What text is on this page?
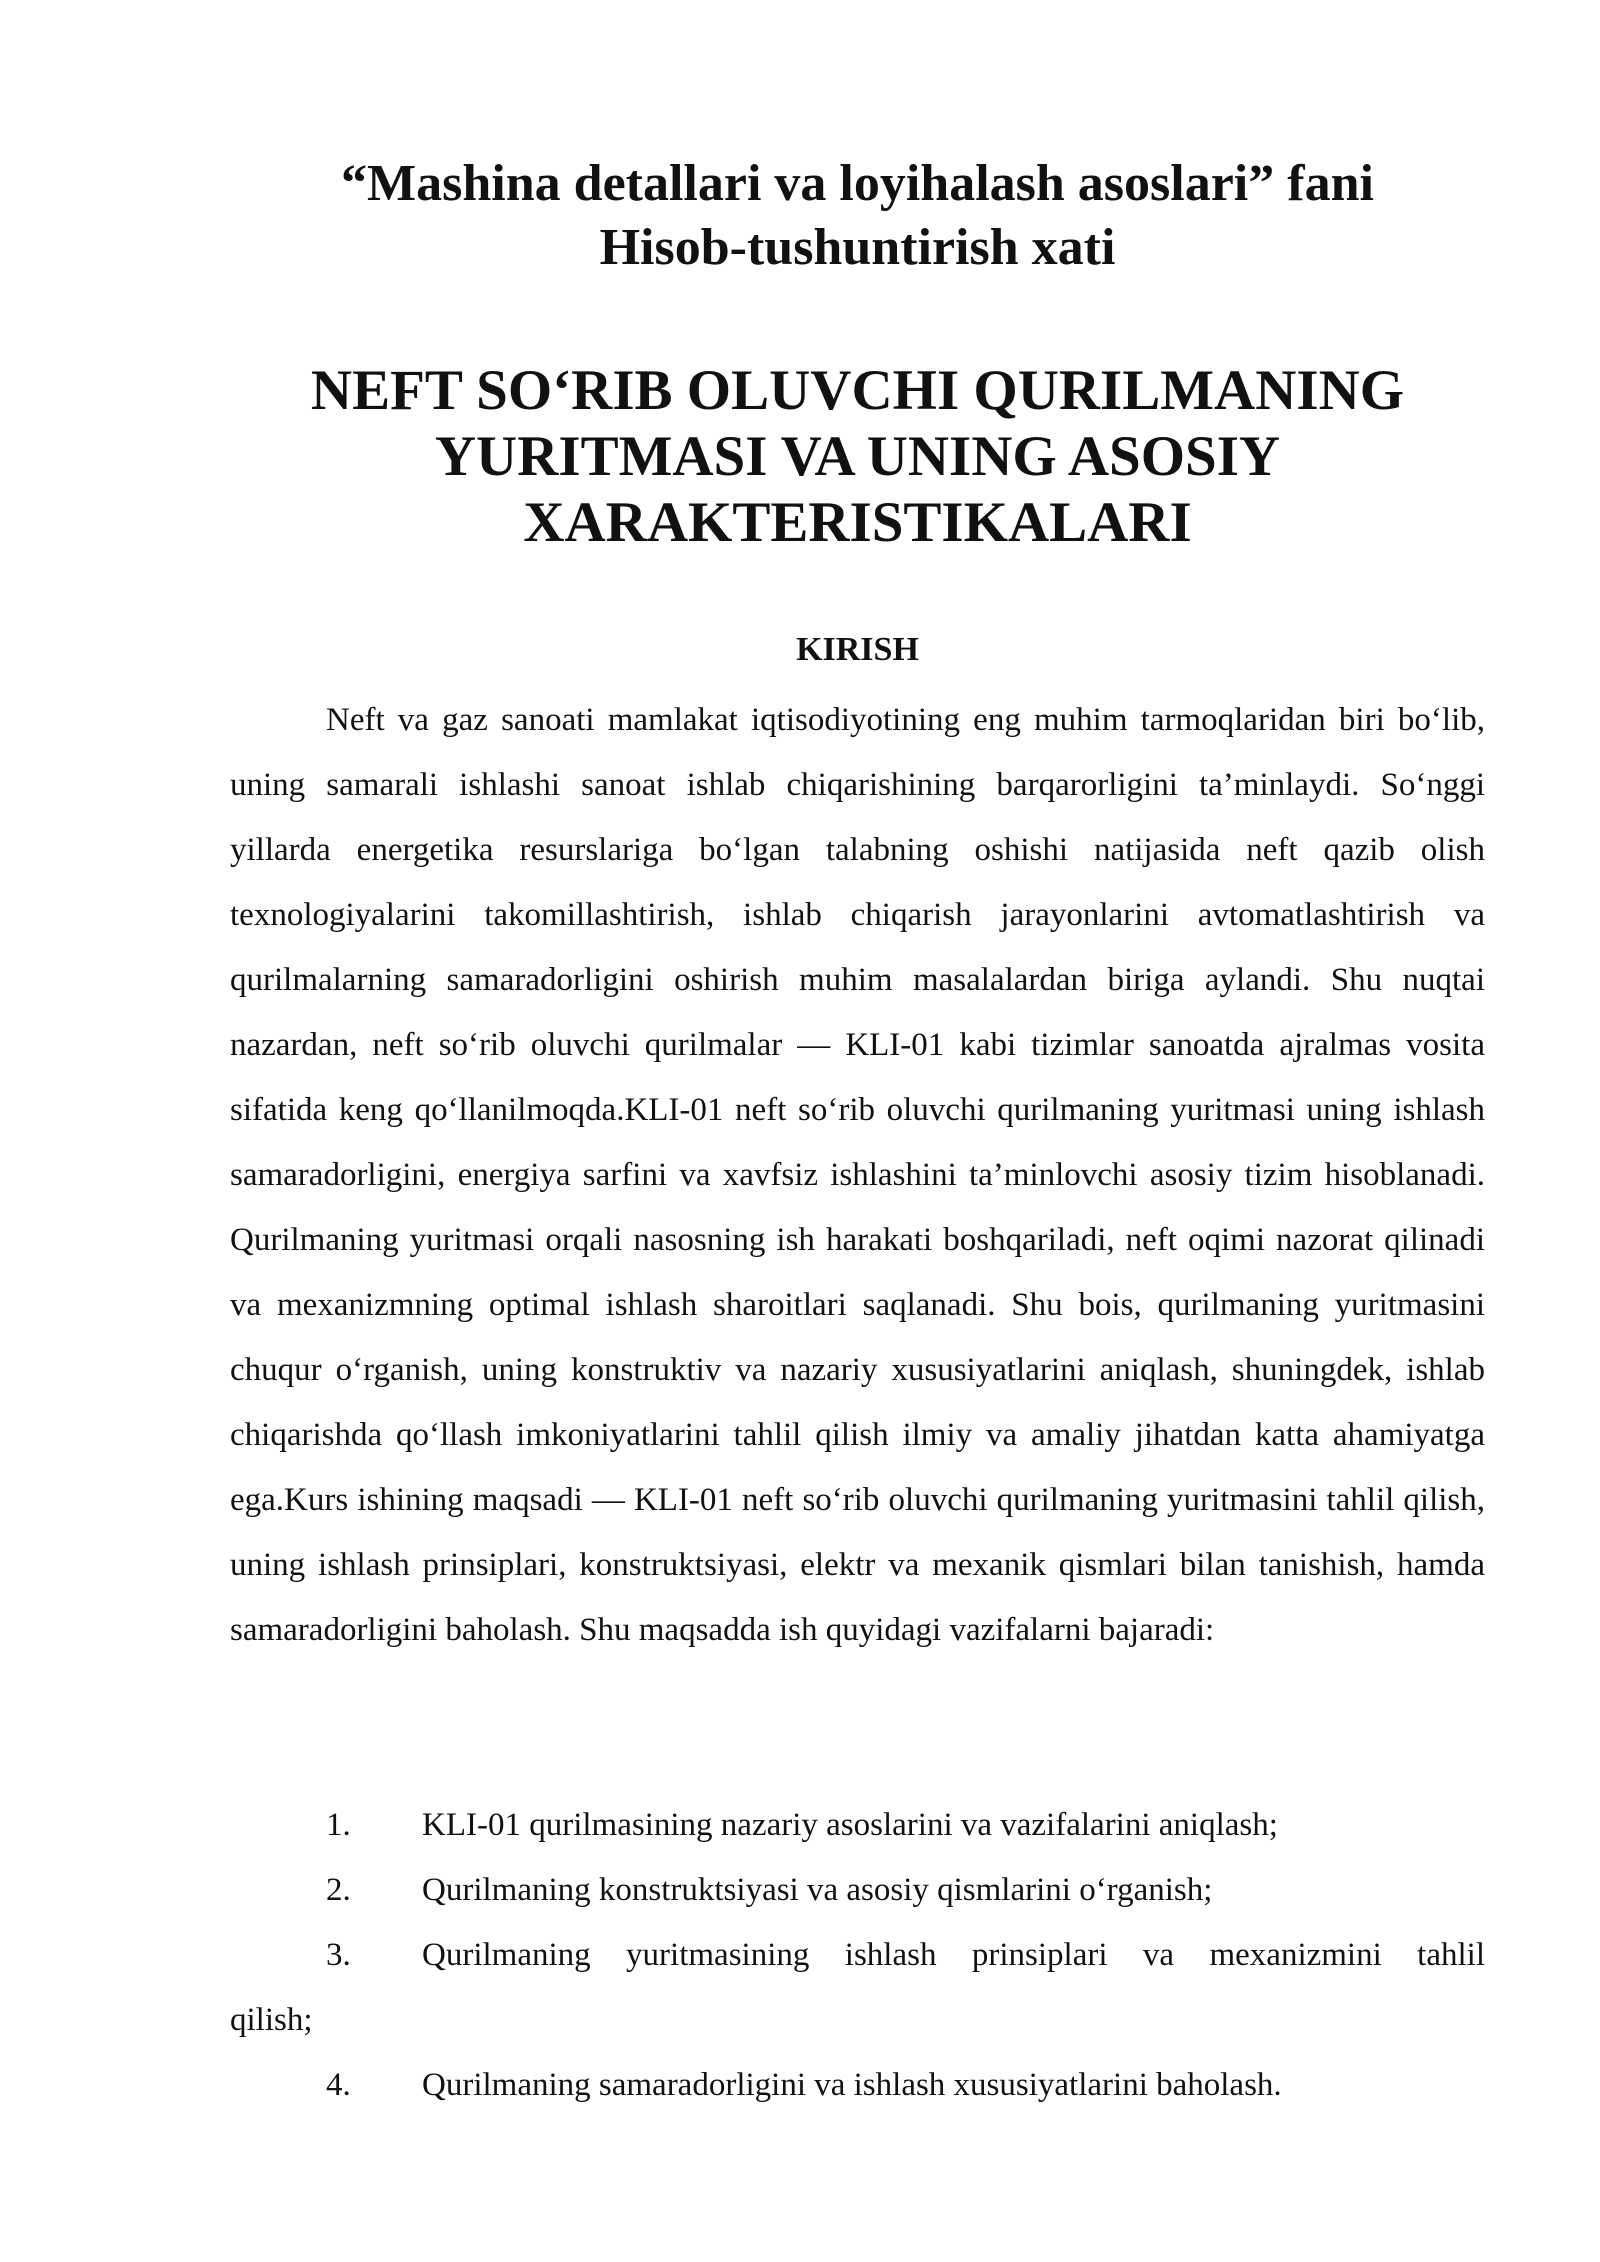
“Mashina detallari va loyihalash asoslari” fani
Hisob-tushuntirish xati
NEFT SO‘RIB OLUVCHI QURILMANING
YURITMASI VA UNING ASOSIY
XARAKTERISTIKALARI
KIRISH

Neft va gaz sanoati mamlakat iqtisodiyotining eng muhim tarmoqlaridan biri bo‘lib, uning samarali ishlashi sanoat ishlab chiqarishining barqarorligini ta’minlaydi. So‘nggi yillarda energetika resurslariga bo‘lgan talabning oshishi natijasida neft qazib olish texnologiyalarini takomillashtirish, ishlab chiqarish jarayonlarini avtomatlashtirish va qurilmalarning samaradorligini oshirish muhim masalalardan biriga aylandi. Shu nuqtai nazardan, neft so‘rib oluvchi qurilmalar — KLI-01 kabi tizimlar sanoatda ajralmas vosita sifatida keng qo‘llanilmoqda.KLI-01 neft so‘rib oluvchi qurilmaning yuritmasi uning ishlash samaradorligini, energiya sarfini va xavfsiz ishlashini ta’minlovchi asosiy tizim hisoblanadi. Qurilmaning yuritmasi orqali nasosning ish harakati boshqariladi, neft oqimi nazorat qilinadi va mexanizmning optimal ishlash sharoitlari saqlanadi. Shu bois, qurilmaning yuritmasini chuqur o‘rganish, uning konstruktiv va nazariy xususiyatlarini aniqlash, shuningdek, ishlab chiqarishda qo‘llash imkoniyatlarini tahlil qilish ilmiy va amaliy jihatdan katta ahamiyatga ega.Kurs ishining maqsadi — KLI-01 neft so‘rib oluvchi qurilmaning yuritmasini tahlil qilish, uning ishlash prinsiplari, konstruktsiyasi, elektr va mexanik qismlari bilan tanishish, hamda samaradorligini baholash. Shu maqsadda ish quyidagi vazifalarni bajaradi:

1. KLI-01 qurilmasining nazariy asoslarini va vazifalarini aniqlash;
2. Qurilmaning konstruktsiyasi va asosiy qismlarini o‘rganish;
3. Qurilmaning yuritmasining ishlash prinsiplari va mexanizmini tahlil
qilish;
4. Qurilmaning samaradorligini va ishlash xususiyatlarini baholash.
